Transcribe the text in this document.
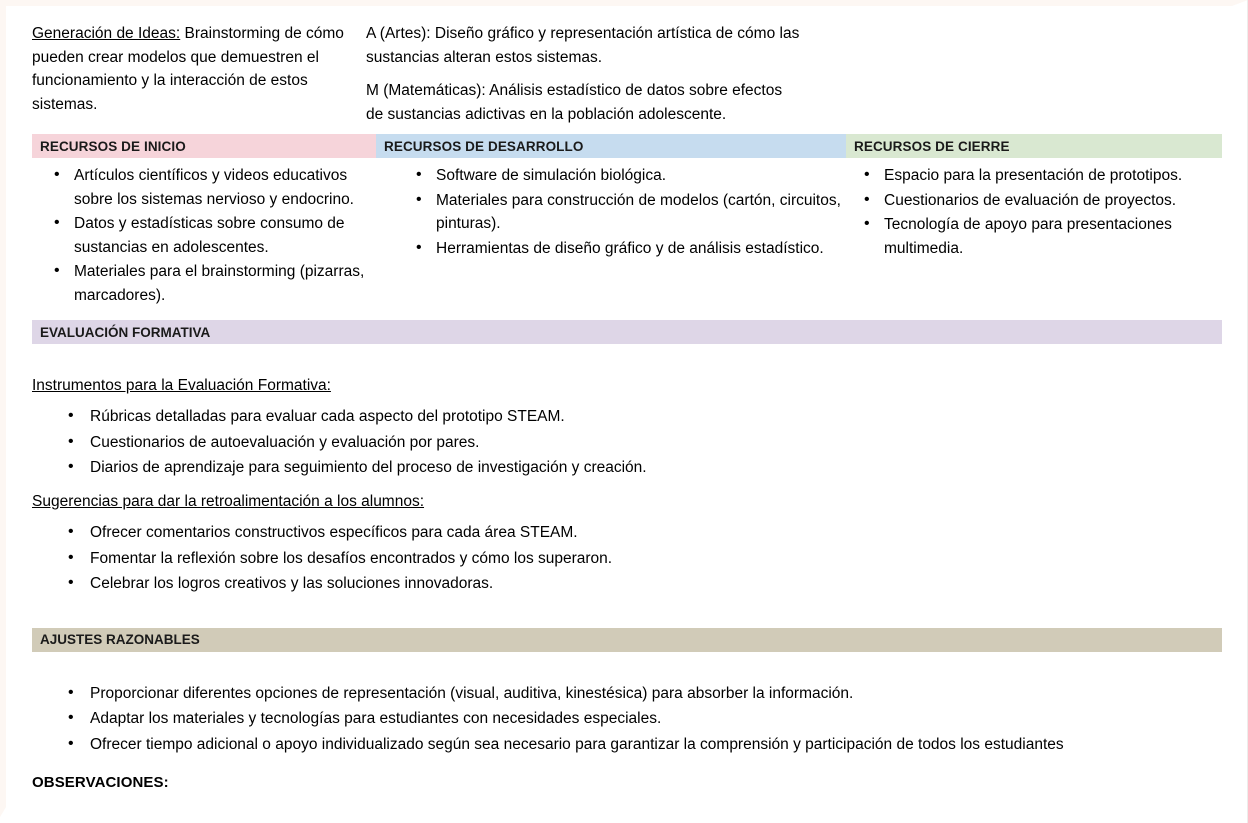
Generación de Ideas: Brainstorming de cómo pueden crear modelos que demuestren el funcionamiento y la interacción de estos sistemas.

A (Artes): Diseño gráfico y representación artística de cómo las sustancias alteran estos sistemas.

M (Matemáticas): Análisis estadístico de datos sobre efectos de sustancias adictivas en la población adolescente.

RECURSOS DE INICIO	RECURSOS DE DESARROLLO	RECURSOS DE CIERRE
• Artículos científicos y videos educativos sobre los sistemas nervioso y endocrino.
• Datos y estadísticas sobre consumo de sustancias en adolescentes.
• Materiales para el brainstorming (pizarras, marcadores).
• Software de simulación biológica.
• Materiales para construcción de modelos (cartón, circuitos, pinturas).
• Herramientas de diseño gráfico y de análisis estadístico.
• Espacio para la presentación de prototipos.
• Cuestionarios de evaluación de proyectos.
• Tecnología de apoyo para presentaciones multimedia.
EVALUACIÓN FORMATIVA

Instrumentos para la Evaluación Formativa:

• Rúbricas detalladas para evaluar cada aspecto del prototipo STEAM.
• Cuestionarios de autoevaluación y evaluación por pares.
• Diarios de aprendizaje para seguimiento del proceso de investigación y creación.

Sugerencias para dar la retroalimentación a los alumnos:

• Ofrecer comentarios constructivos específicos para cada área STEAM.
• Fomentar la reflexión sobre los desafíos encontrados y cómo los superaron.
• Celebrar los logros creativos y las soluciones innovadoras.
AJUSTES RAZONABLES
• Proporcionar diferentes opciones de representación (visual, auditiva, kinestésica) para absorber la información.
• Adaptar los materiales y tecnologías para estudiantes con necesidades especiales.
• Ofrecer tiempo adicional o apoyo individualizado según sea necesario para garantizar la comprensión y participación de todos los estudiantes
OBSERVACIONES:
